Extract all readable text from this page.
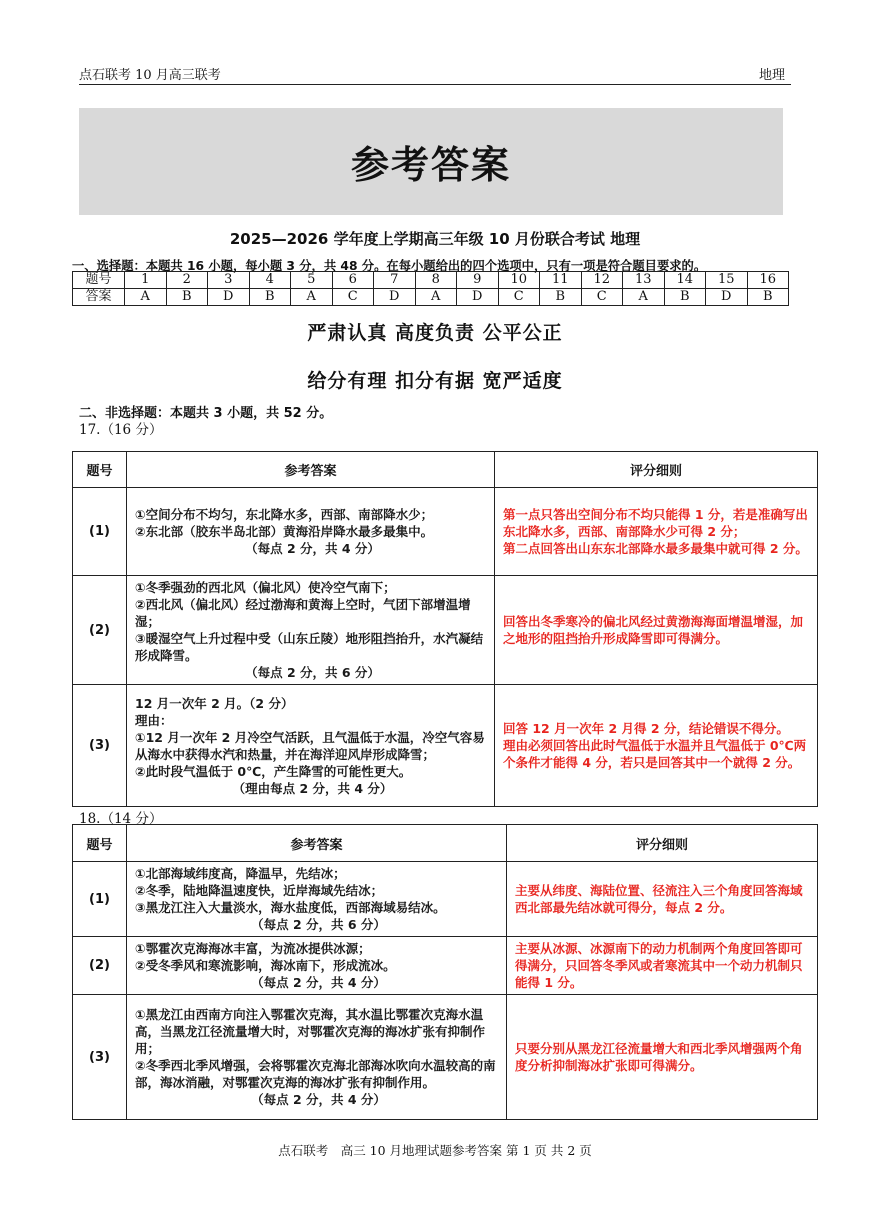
点石联考 10 月高三联考	地理
参考答案
2025—2026 学年度上学期高三年级 10 月份联合考试 地理
一、选择题：本题共 16 小题，每小题 3 分，共 48 分。在每小题给出的四个选项中，只有一项是符合题目要求的。
题号	1	2	3	4	5	6	7	8	9	10	11	12	13	14	15	16
答案	A	B	D	B	A	C	D	A	D	C	B	C	A	B	D	B
严肃认真 高度负责 公平公正
给分有理 扣分有据 宽严适度
二、非选择题：本题共 3 小题，共 52 分。
17.（16 分）
题号	参考答案	评分细则
(1)	①空间分布不均匀，东北降水多，西部、南部降水少；
②东北部（胶东半岛北部）黄海沿岸降水最多最集中。
（每点 2 分，共 4 分）	第一点只答出空间分布不均只能得 1 分，若是准确写出东北降水多，西部、南部降水少可得 2 分；
第二点回答出山东东北部降水最多最集中就可得 2 分。

(2)	①冬季强劲的西北风（偏北风）使冷空气南下；
②西北风（偏北风）经过渤海和黄海上空时，气团下部增温增湿；
③暖湿空气上升过程中受（山东丘陵）地形阻挡抬升，水汽凝结形成降雪。
（每点 2 分，共 6 分）	回答出冬季寒冷的偏北风经过黄渤海海面增温增湿，加之地形的阻挡抬升形成降雪即可得满分。

(3)	12 月一次年 2 月。（2 分）
理由：
①12 月一次年 2 月冷空气活跃，且气温低于水温，冷空气容易从海水中获得水汽和热量，并在海洋迎风岸形成降雪；
②此时段气温低于 0℃，产生降雪的可能性更大。
（理由每点 2 分，共 4 分）	回答 12 月一次年 2 月得 2 分，结论错误不得分。
理由必须回答出此时气温低于水温并且气温低于 0℃两个条件才能得 4 分，若只是回答其中一个就得 2 分。
18.（14 分）
题号	参考答案	评分细则
(1)	①北部海域纬度高，降温早，先结冰；
②冬季，陆地降温速度快，近岸海域先结冰；
③黑龙江注入大量淡水，海水盐度低，西部海域易结冰。
（每点 2 分，共 6 分）	主要从纬度、海陆位置、径流注入三个角度回答海域西北部最先结冰就可得分，每点 2 分。

(2)	①鄂霍次克海海冰丰富，为流冰提供冰源；
②受冬季风和寒流影响，海冰南下，形成流冰。
（每点 2 分，共 4 分）	主要从冰源、冰源南下的动力机制两个角度回答即可得满分，只回答冬季风或者寒流其中一个动力机制只能得 1 分。

(3)	①黑龙江由西南方向注入鄂霍次克海，其水温比鄂霍次克海水温高，当黑龙江径流量增大时，对鄂霍次克海的海冰扩张有抑制作用；
②冬季西北季风增强，会将鄂霍次克海北部海冰吹向水温较高的南部，海冰消融，对鄂霍次克海的海冰扩张有抑制作用。
（每点 2 分，共 4 分）	只要分别从黑龙江径流量增大和西北季风增强两个角度分析抑制海冰扩张即可得满分。
点石联考　高三 10 月地理试题参考答案 第 1 页 共 2 页
